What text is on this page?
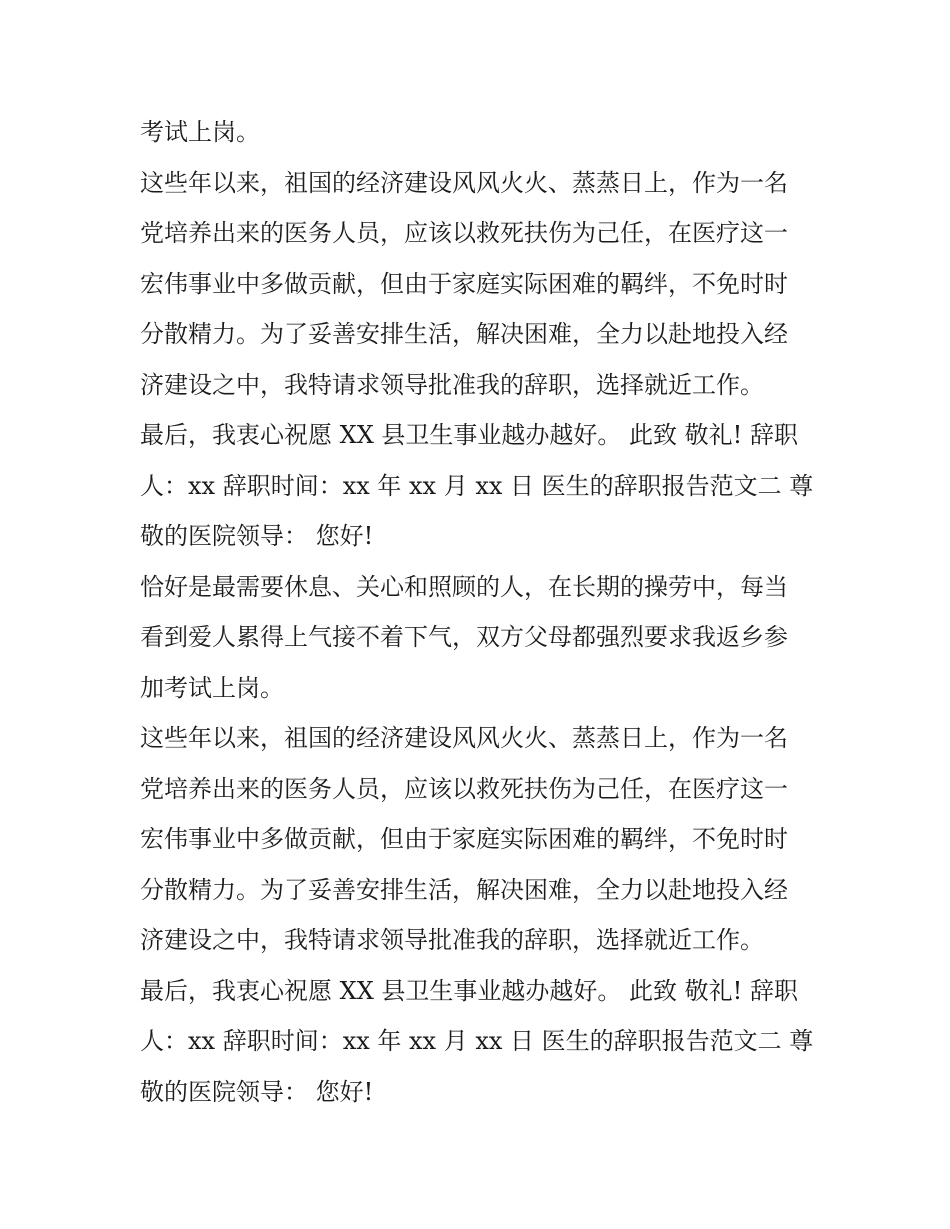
考试上岗。
这些年以来，祖国的经济建设风风火火、蒸蒸日上，作为一名
党培养出来的医务人员，应该以救死扶伤为己任，在医疗这一
宏伟事业中多做贡献，但由于家庭实际困难的羁绊，不免时时
分散精力。为了妥善安排生活，解决困难，全力以赴地投入经
济建设之中，我特请求领导批准我的辞职，选择就近工作。
最后，我衷心祝愿 XX 县卫生事业越办越好。 此致 敬礼! 辞职
人：xx 辞职时间：xx 年 xx 月 xx 日 医生的辞职报告范文二 尊
敬的医院领导： 您好!
恰好是最需要休息、关心和照顾的人，在长期的操劳中，每当
看到爱人累得上气接不着下气，双方父母都强烈要求我返乡参
加考试上岗。
这些年以来，祖国的经济建设风风火火、蒸蒸日上，作为一名
党培养出来的医务人员，应该以救死扶伤为己任，在医疗这一
宏伟事业中多做贡献，但由于家庭实际困难的羁绊，不免时时
分散精力。为了妥善安排生活，解决困难，全力以赴地投入经
济建设之中，我特请求领导批准我的辞职，选择就近工作。
最后，我衷心祝愿 XX 县卫生事业越办越好。 此致 敬礼! 辞职
人：xx 辞职时间：xx 年 xx 月 xx 日 医生的辞职报告范文二 尊
敬的医院领导： 您好!
